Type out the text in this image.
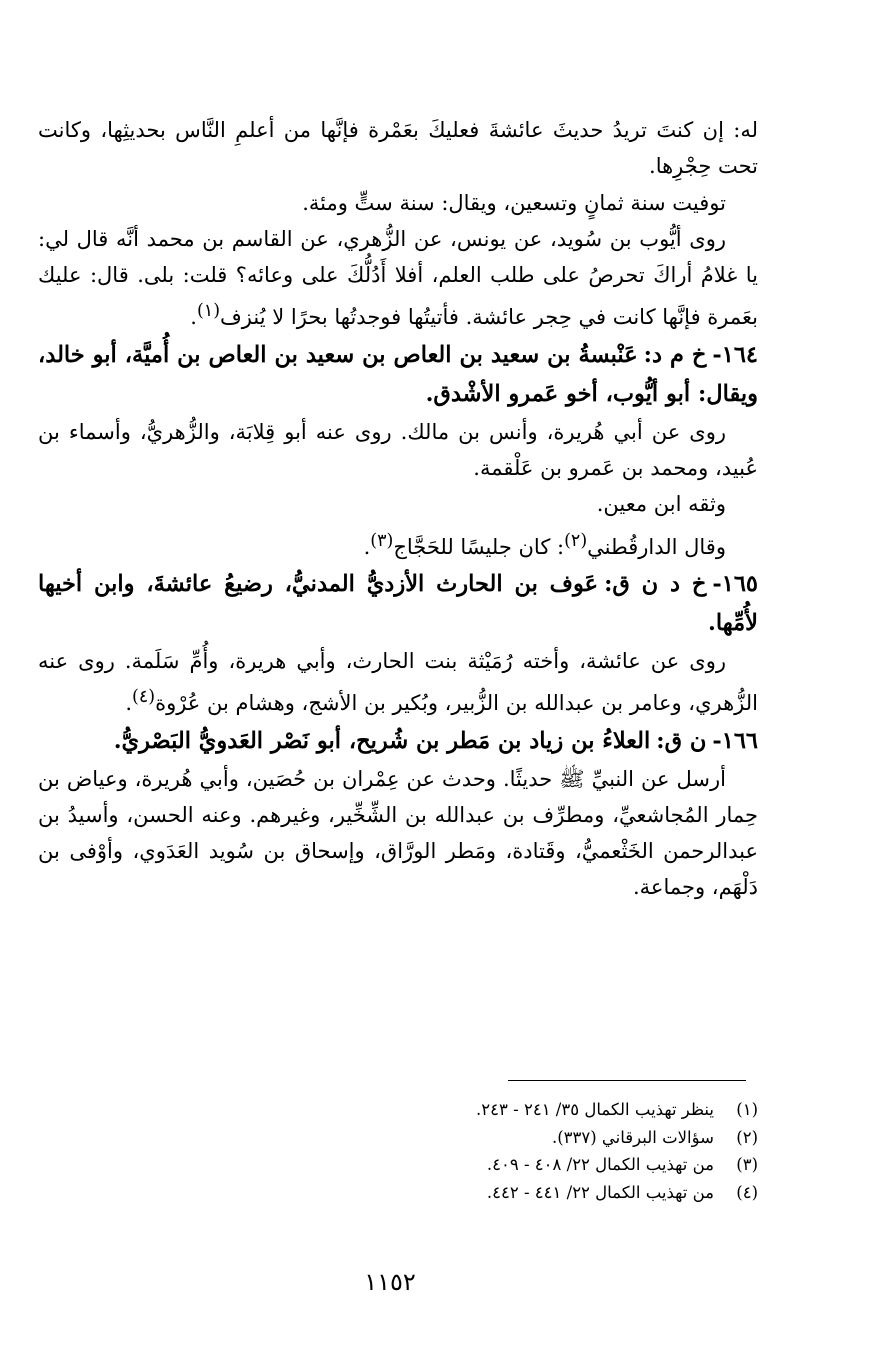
له: إن كنتَ تريدُ حديثَ عائشةَ فعليكَ بعَمْرة فإنَّها من أعلمِ النَّاس بحديثِها، وكانت تحت حِجْرِها.

توفيت سنة ثمانٍ وتسعين، ويقال: سنة ستٍّ ومئة.

روى أيُّوب بن سُويد، عن يونس، عن الزُّهري، عن القاسم بن محمد أنَّه قال لي: يا غلامُ أراكَ تحرصُ على طلب العلم، أفلا أَدُلُّكَ على وعائه؟ قلت: بلى. قال: عليك بعَمرة فإنَّها كانت في حِجر عائشة. فأتيتُها فوجدتُها بحرًا لا يُنزف$^{(١)}$.

١٦٤-خ م د:عَنْبسةُ بن سعيد بن العاص بن سعيد بن العاص بن أُميَّة، أبو خالد، ويقال: أبو أيُّوب، أخو عَمرو الأشْدق.

روى عن أبي هُريرة، وأنس بن مالك. روى عنه أبو قِلابَة، والزُّهريُّ، وأسماء بن عُبيد، ومحمد بن عَمرو بن عَلْقمة.

وثقه ابن معين.

وقال الدارقُطني$^{(٢)}$: كان جليسًا للحَجَّاج$^{(٣)}$.

١٦٥-خ د ن ق:عَوف بن الحارث الأزديُّ المدنيُّ، رضيعُ عائشةَ، وابن أخيها لأُمِّها.

روى عن عائشة، وأخته رُمَيْثة بنت الحارث، وأبي هريرة، وأُمِّ سَلَمة. روى عنه الزُّهري، وعامر بن عبدالله بن الزُّبير، وبُكير بن الأشج، وهشام بن عُرْوة$^{(٤)}$.

١٦٦-ن ق:العلاءُ بن زياد بن مَطر بن شُريح، أبو نَصْر العَدويُّ البَصْريُّ.

أرسل عن النبيِّ ﷺ حديثًا. وحدث عن عِمْران بن حُصَين، وأبي هُريرة، وعياض بن حِمار المُجاشعيِّ، ومطرِّف بن عبدالله بن الشِّخِّير، وغيرهم. وعنه الحسن، وأسيدُ بن عبدالرحمن الخَثْعميُّ، وقَتادة، ومَطر الورَّاق، وإسحاق بن سُويد العَدَوي، وأوْفى بن دَلْهَم، وجماعة.

(١)
ينظر تهذيب الكمال ٣٥/ ٢٤١ - ٢٤٣.
(٢)
سؤالات البرقاني (٣٣٧).
(٣)
من تهذيب الكمال ٢٢/ ٤٠٨ - ٤٠٩.
(٤)
من تهذيب الكمال ٢٢/ ٤٤١ - ٤٤٢.
١١٥٢
